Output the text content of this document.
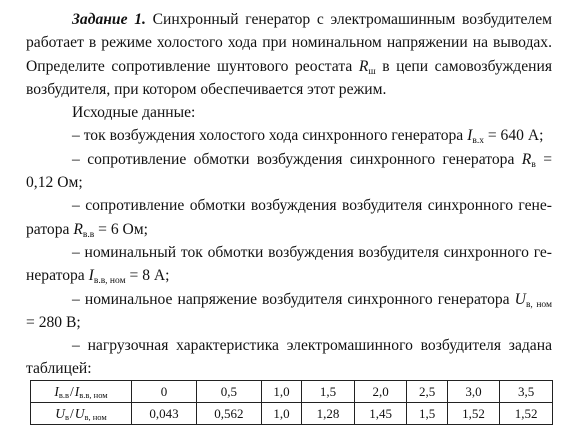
Задание 1. Синхронный генератор с электромашинным возбудителем работает в режиме холостого хода при номинальном напряжении на выводах. Определите сопротивление шунтового реостата $R_ш$ в цепи самовозбуждения возбудителя, при котором обеспечивается этот режим.

Исходные данные:

– ток возбуждения холостого хода синхронного генератора $I_{в.х} = 640$ А;

– сопротивление обмотки возбуждения синхронного генератора $R_в = 0,12$ Ом;

– сопротивление обмотки возбуждения возбудителя синхронного гене-

ратора $R_{в.в} = 6$ Ом;

– номинальный ток обмотки возбуждения возбудителя синхронного ге-

нератора $I_{в.в, ном} = 8$ А;

– номинальное напряжение возбудителя синхронного генератора $U_{в, ном} = 280$ В;

– нагрузочная характеристика электромашинного возбудителя задана таблицей:

$I_{в.в}/I_{в.в, ном}$	0	0,5	1,0	1,5	2,0	2,5	3,0	3,5
$U_в/U_{в, ном}$	0,043	0,562	1,0	1,28	1,45	1,5	1,52	1,52
